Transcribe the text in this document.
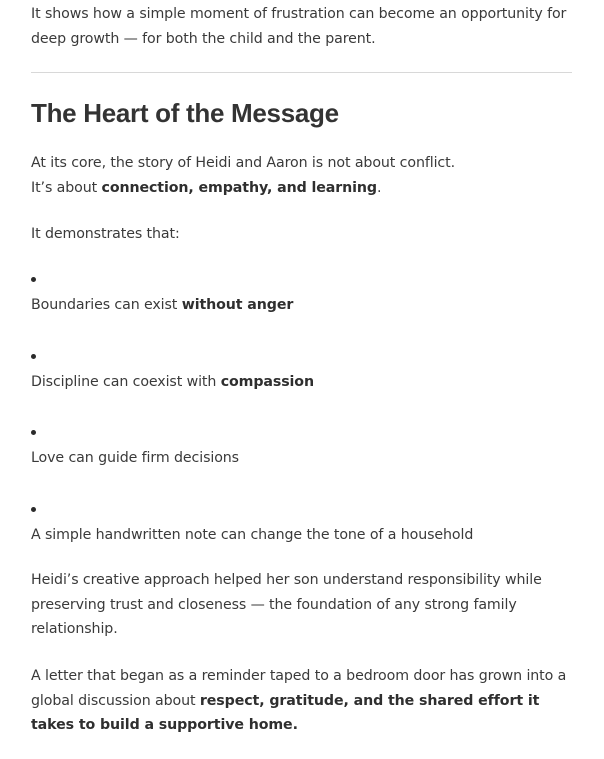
It shows how a simple moment of frustration can become an opportunity for deep growth — for both the child and the parent.

The Heart of the Message

At its core, the story of Heidi and Aaron is not about conflict.
It’s about connection, empathy, and learning.

It demonstrates that:

Boundaries can exist without anger

Discipline can coexist with compassion

Love can guide firm decisions

A simple handwritten note can change the tone of a household

Heidi’s creative approach helped her son understand responsibility while preserving trust and closeness — the foundation of any strong family relationship.

A letter that began as a reminder taped to a bedroom door has grown into a global discussion about respect, gratitude, and the shared effort it takes to build a supportive home.
